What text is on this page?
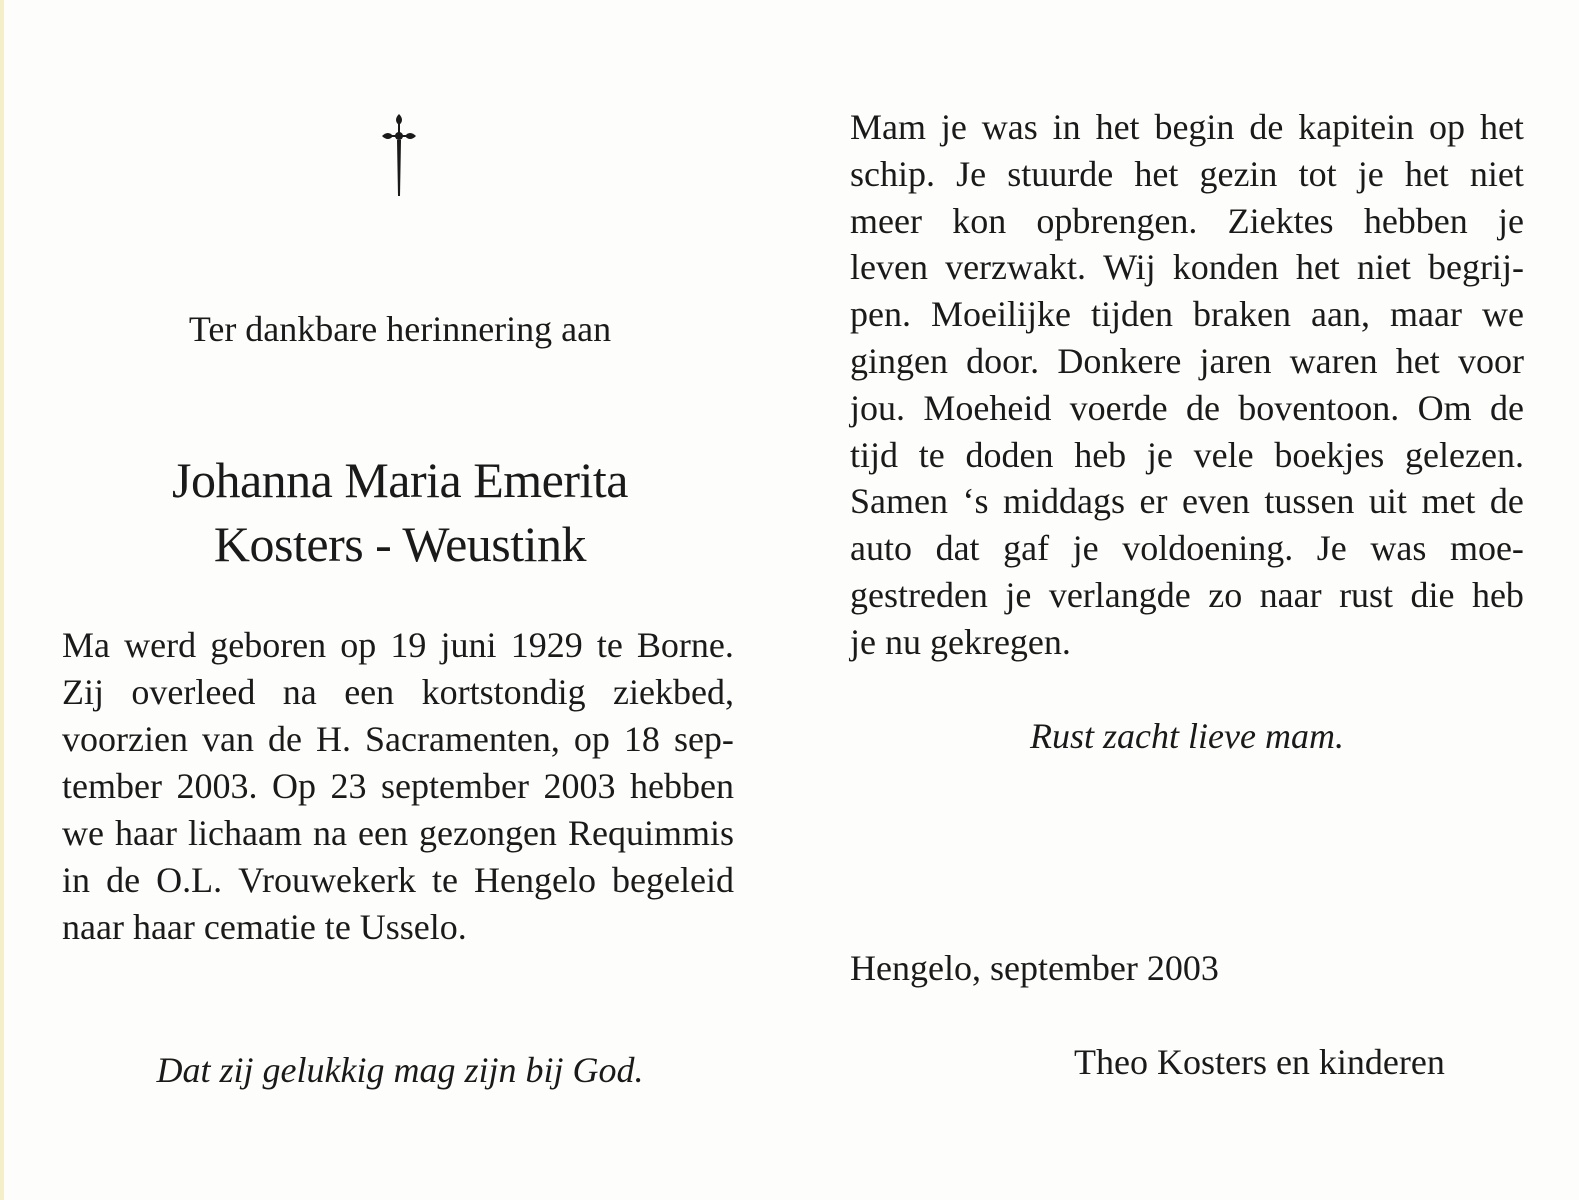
Ter dankbare herinnering aan
Johanna Maria Emerita
Kosters - Weustink
Ma werd geboren op 19 juni 1929 te Borne.
Zij overleed na een kortstondig ziekbed,
voorzien van de H. Sacramenten, op 18 sep-
tember 2003. Op 23 september 2003 hebben
we haar lichaam na een gezongen Requimmis
in de O.L. Vrouwekerk te Hengelo begeleid
naar haar cematie te Usselo.
Dat zij gelukkig mag zijn bij God.
Mam je was in het begin de kapitein op het
schip. Je stuurde het gezin tot je het niet
meer kon opbrengen. Ziektes hebben je
leven verzwakt. Wij konden het niet begrij-
pen. Moeilijke tijden braken aan, maar we
gingen door. Donkere jaren waren het voor
jou. Moeheid voerde de boventoon. Om de
tijd te doden heb je vele boekjes gelezen.
Samen ‘s middags er even tussen uit met de
auto dat gaf je voldoening. Je was moe-
gestreden je verlangde zo naar rust die heb
je nu gekregen.
Rust zacht lieve mam.
Hengelo, september 2003
Theo Kosters en kinderen
